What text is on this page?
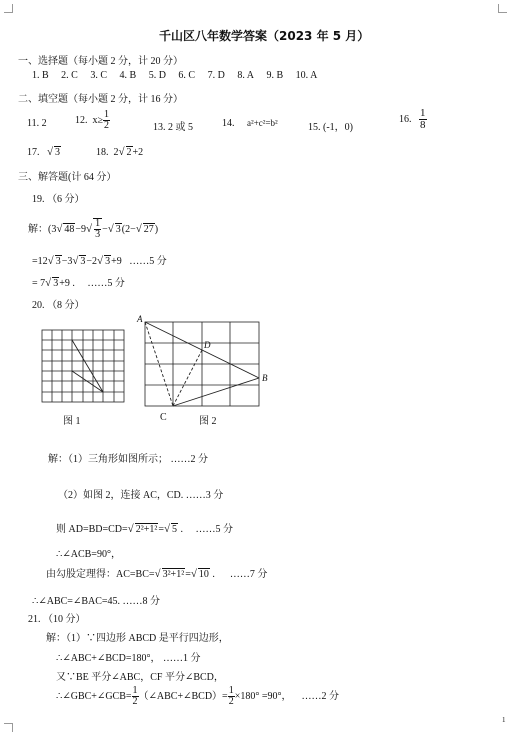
千山区八年数学答案（2023 年 5 月）
一、选择题（每小题 2 分，计 20 分）
1. B 2. C 3. C 4. B 5. D 6. C 7. D 8. A 9. B 10. A
二、填空题（每小题 2 分，计 16 分）
11. 2	12. $x\ge \frac{1}{2}$	13. 2 或 5	14. a²+c²=b²	15. (-1，0)
16. $\frac{1}{8}$
17. √ 3	18. 2√ 2+2
三、解答题(计 64 分）
19. （6 分）
解：(3√ $48-9√ \frac{1}{3}$ −√ 3(2−√ 27)
=12√ 3−3√ 3−2√ 3+9   ……5 分
= 7√ 3+9 .     ……5 分
20. （8 分）
A
D
B
图 1	C	图 2
解：（1）三角形如图所示； ……2 分
（2）如图 2，连接 AC，CD. ……3 分
则 AD=BD=CD=√ 2²+1²=√ 5 .     ……5 分
∴∠ACB=90°，
由勾股定理得：AC=BC=√ 3²+1²=√ 10 .      ……7 分
∴∠ABC=∠BAC=45. ……8 分
21. （10 分）
解：（1）∵四边形 ABCD 是平行四边形，
∴∠ABC+∠BCD=180°， ……1 分
又∵BE 平分∠ABC，CF 平分∠BCD，
∴∠GBC+∠GCB= $\frac{1}{2}$ （∠ABC+∠BCD）= $\frac{1}{2} \times 180^\circ =90^\circ$，    ……2 分
1
